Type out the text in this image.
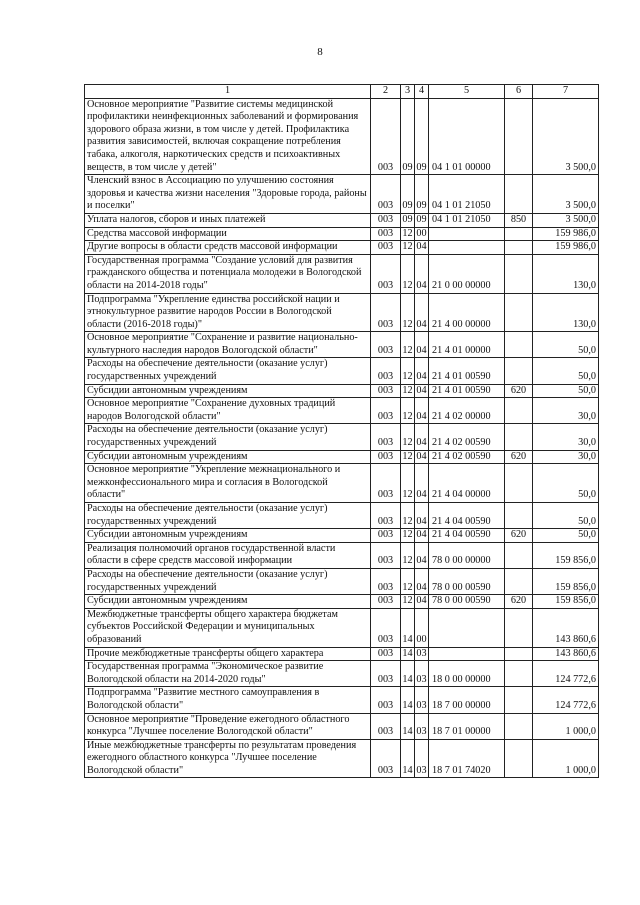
8
1	2	3	4	5	6	7
Основное мероприятие "Развитие системы медицинской профилактики неинфекционных заболеваний и формирования здорового образа жизни, в том числе у детей. Профилактика развития зависимостей, включая сокращение потребления табака, алкоголя, наркотических средств и психоактивных веществ, в том числе у детей"	003	09	09	04 1 01 00000		3 500,0
Членский взнос в Ассоциацию по улучшению состояния здоровья и качества жизни населения "Здоровые города, районы и поселки"	003	09	09	04 1 01 21050		3 500,0
Уплата налогов, сборов и иных платежей	003	09	09	04 1 01 21050	850	3 500,0
Средства массовой информации	003	12	00			159 986,0
Другие вопросы в области средств массовой информации	003	12	04			159 986,0
Государственная программа "Создание условий для развития гражданского общества и потенциала молодежи в Вологодской области на 2014-2018 годы"	003	12	04	21 0 00 00000		130,0
Подпрограмма "Укрепление единства российской нации и этнокультурное развитие народов России в Вологодской области (2016-2018 годы)"	003	12	04	21 4 00 00000		130,0
Основное мероприятие "Сохранение и развитие национально-культурного наследия народов Вологодской области"	003	12	04	21 4 01 00000		50,0
Расходы на обеспечение деятельности (оказание услуг) государственных учреждений	003	12	04	21 4 01 00590		50,0
Субсидии автономным учреждениям	003	12	04	21 4 01 00590	620	50,0
Основное мероприятие "Сохранение духовных традиций народов Вологодской области"	003	12	04	21 4 02 00000		30,0
Расходы на обеспечение деятельности (оказание услуг) государственных учреждений	003	12	04	21 4 02 00590		30,0
Субсидии автономным учреждениям	003	12	04	21 4 02 00590	620	30,0
Основное мероприятие "Укрепление межнационального и межконфессионального мира и согласия в Вологодской области"	003	12	04	21 4 04 00000		50,0
Расходы на обеспечение деятельности (оказание услуг) государственных учреждений	003	12	04	21 4 04 00590		50,0
Субсидии автономным учреждениям	003	12	04	21 4 04 00590	620	50,0
Реализация полномочий органов государственной власти области в сфере средств массовой информации	003	12	04	78 0 00 00000		159 856,0
Расходы на обеспечение деятельности (оказание услуг) государственных учреждений	003	12	04	78 0 00 00590		159 856,0
Субсидии автономным учреждениям	003	12	04	78 0 00 00590	620	159 856,0
Межбюджетные трансферты общего характера бюджетам субъектов Российской Федерации и муниципальных образований	003	14	00			143 860,6
Прочие межбюджетные трансферты общего характера	003	14	03			143 860,6
Государственная программа "Экономическое развитие Вологодской области на 2014-2020 годы"	003	14	03	18 0 00 00000		124 772,6
Подпрограмма "Развитие местного самоуправления в Вологодской области"	003	14	03	18 7 00 00000		124 772,6
Основное мероприятие "Проведение ежегодного областного конкурса "Лучшее поселение Вологодской области"	003	14	03	18 7 01 00000		1 000,0
Иные межбюджетные трансферты по результатам проведения ежегодного областного конкурса "Лучшее поселение Вологодской области"	003	14	03	18 7 01 74020		1 000,0
